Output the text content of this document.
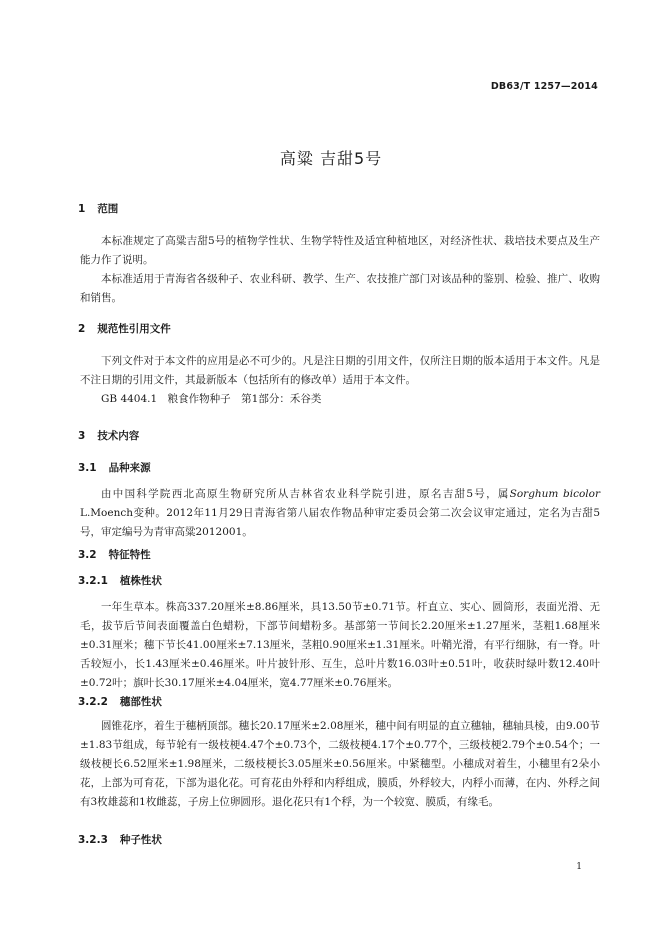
DB63/T 1257—2014
高粱 吉甜5号
1 范围
本标准规定了高粱吉甜5号的植物学性状、生物学特性及适宜种植地区，对经济性状、栽培技术要点及生产能力作了说明。
本标准适用于青海省各级种子、农业科研、教学、生产、农技推广部门对该品种的鉴别、检验、推广、收购和销售。
2 规范性引用文件
下列文件对于本文件的应用是必不可少的。凡是注日期的引用文件，仅所注日期的版本适用于本文件。凡是不注日期的引用文件，其最新版本（包括所有的修改单）适用于本文件。
GB 4404.1　粮食作物种子　第1部分：禾谷类
3 技术内容
3.1 品种来源
由中国科学院西北高原生物研究所从吉林省农业科学院引进，原名吉甜5号，属Sorghum bicolor L.Moench变种。2012年11月29日青海省第八届农作物品种审定委员会第二次会议审定通过，定名为吉甜5号，审定编号为青审高粱2012001。
3.2 特征特性
3.2.1 植株性状
一年生草本。株高337.20厘米±8.86厘米，具13.50节±0.71节。杆直立、实心、圆筒形，表面光滑、无毛，拔节后节间表面覆盖白色蜡粉，下部节间蜡粉多。基部第一节间长2.20厘米±1.27厘米，茎粗1.68厘米±0.31厘米；穗下节长41.00厘米±7.13厘米，茎粗0.90厘米±1.31厘米。叶鞘光滑，有平行细脉，有一脊。叶舌较短小，长1.43厘米±0.46厘米。叶片披针形、互生，总叶片数16.03叶±0.51叶，收获时绿叶数12.40叶±0.72叶；旗叶长30.17厘米±4.04厘米，宽4.77厘米±0.76厘米。
3.2.2 穗部性状
圆锥花序，着生于穗柄顶部。穗长20.17厘米±2.08厘米，穗中间有明显的直立穗轴，穗轴具棱，由9.00节±1.83节组成，每节轮有一级枝梗4.47个±0.73个，二级枝梗4.17个±0.77个，三级枝梗2.79个±0.54个；一级枝梗长6.52厘米±1.98厘米，二级枝梗长3.05厘米±0.56厘米。中紧穗型。小穗成对着生，小穗里有2朵小花，上部为可育花，下部为退化花。可育花由外稃和内稃组成，膜质，外稃较大，内稃小而薄，在内、外稃之间有3枚雄蕊和1枚雌蕊，子房上位卵圆形。退化花只有1个稃，为一个较宽、膜质，有缘毛。
3.2.3 种子性状
1
